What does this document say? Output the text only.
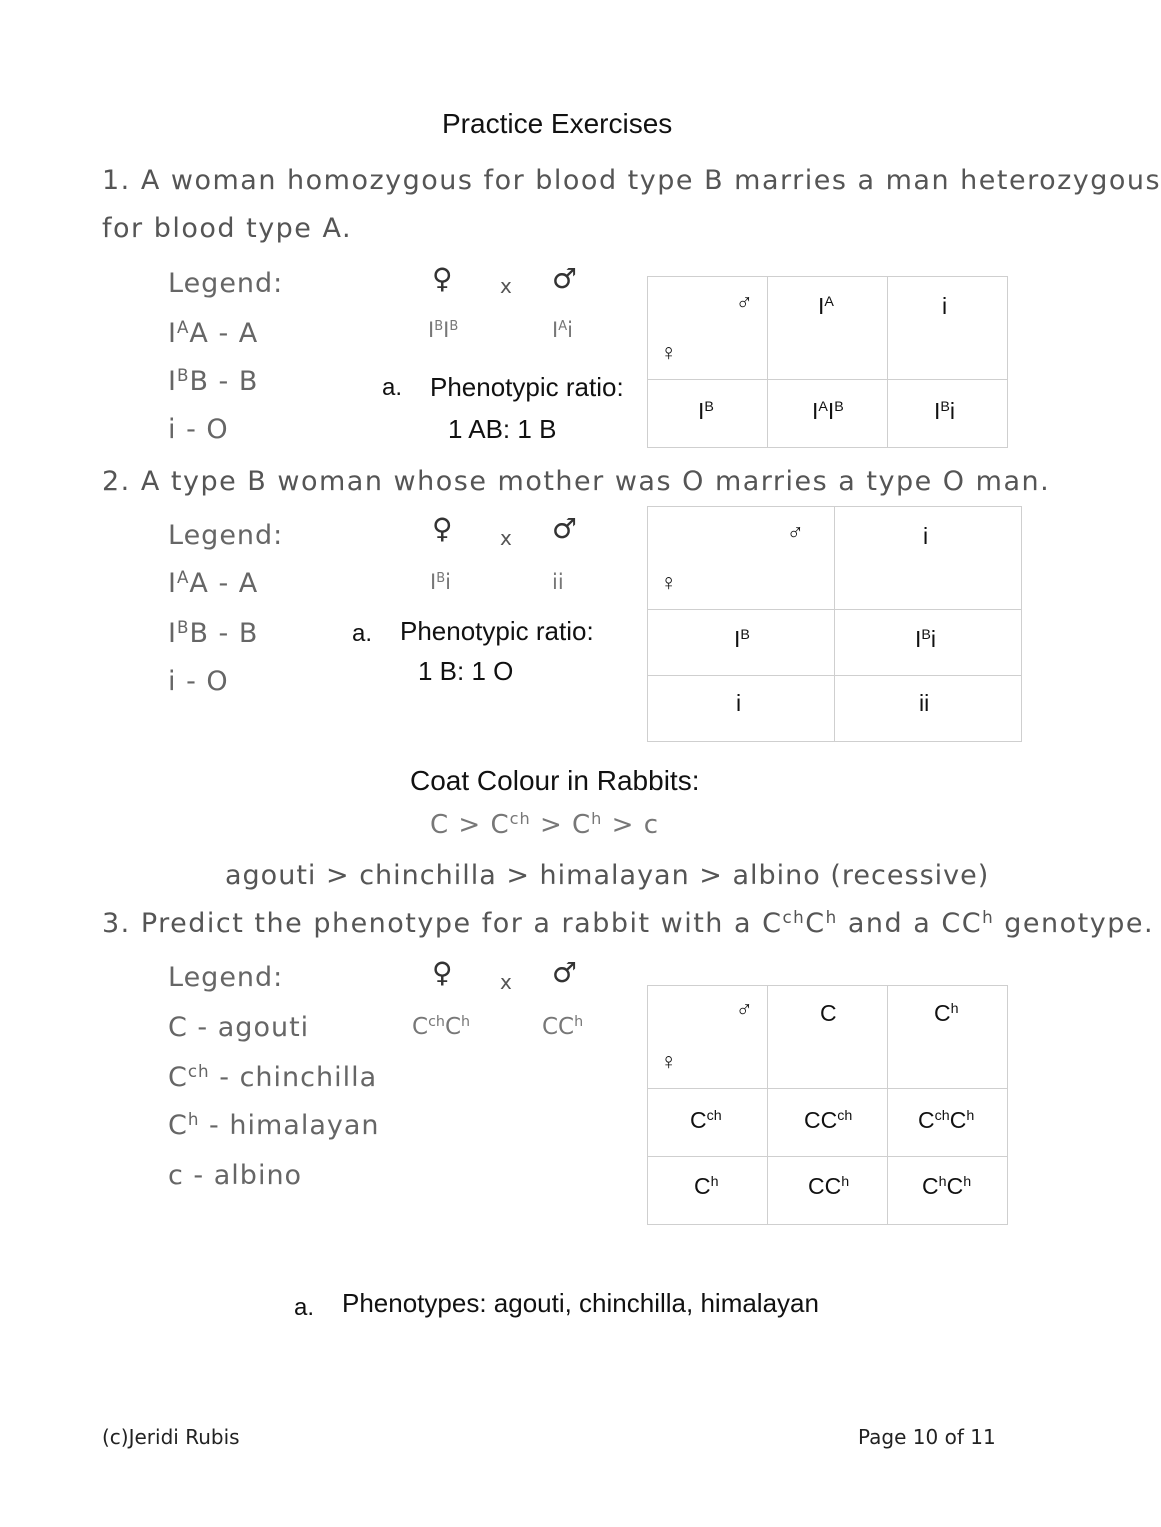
Practice Exercises
1. A woman homozygous for blood type B marries a man heterozygous
for blood type A.
Legend:
$I^AA$ - A
$I^BB$ - B
i - O
♀ x ♂
$I^BI^B$	$I^Ai$
a. Phenotypic ratio:
1 AB: 1 B
♂
♀	$I^A$	i

$I^B$	$I^AI^B$	$I^Bi$
2. A type B woman whose mother was O marries a type O man.
Legend:
$I^AA$ - A
$I^BB$ - B
i - O
♀ x ♂
$I^Bi$	ii
a. Phenotypic ratio:
1 B: 1 O
♂
♀	i

$I^B$	$I^Bi$

i	ii
Coat Colour in Rabbits:
$C > C^{ch} > C^h > c$
agouti > chinchilla > himalayan > albino (recessive)
3. Predict the phenotype for a rabbit with a $C^{ch}C^h$ and a $CC^h$ genotype.
Legend:
C - agouti
$C^{ch}$ - chinchilla
$C^h$ - himalayan
c - albino
♀ x ♂
$C^{ch}C^h$	$CC^h$
♂
♀	C	$C^h$

$C^{ch}$	$CC^{ch}$	$C^{ch}C^h$

$C^h$	$CC^h$	$C^hC^h$
a. Phenotypes: agouti, chinchilla, himalayan
(c)Jeridi Rubis	Page 10 of 11
